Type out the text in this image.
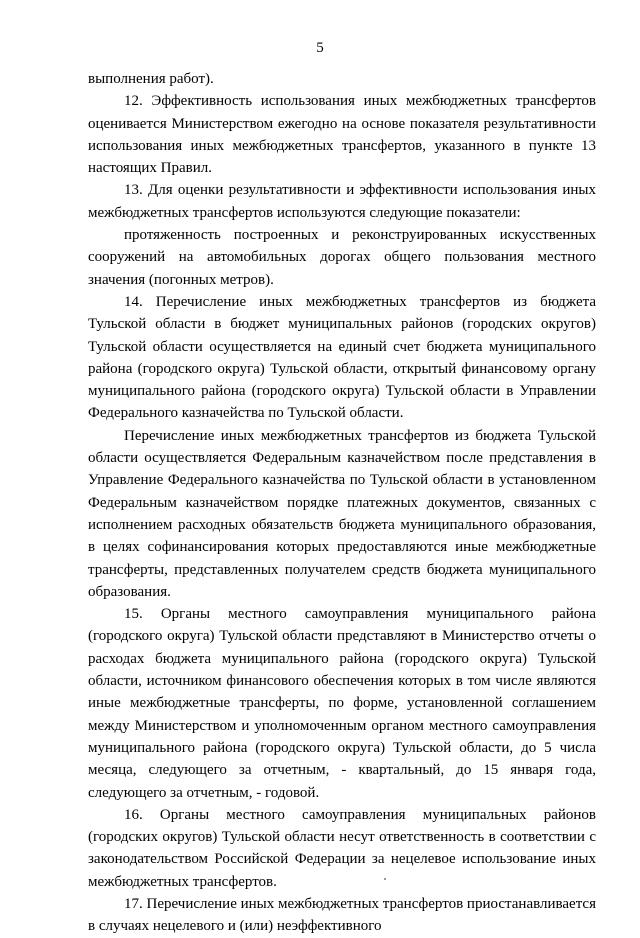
5

выполнения работ).

12. Эффективность использования иных межбюджетных трансфертов оценивается Министерством ежегодно на основе показателя результативности использования иных межбюджетных трансфертов, указанного в пункте 13 настоящих Правил.

13. Для оценки результативности и эффективности использования иных межбюджетных трансфертов используются следующие показатели:

протяженность построенных и реконструированных искусственных сооружений на автомобильных дорогах общего пользования местного значения (погонных метров).

14. Перечисление иных межбюджетных трансфертов из бюджета Тульской области в бюджет муниципальных районов (городских округов) Тульской области осуществляется на единый счет бюджета муниципального района (городского округа) Тульской области, открытый финансовому органу муниципального района (городского округа) Тульской области в Управлении Федерального казначейства по Тульской области.

Перечисление иных межбюджетных трансфертов из бюджета Тульской области осуществляется Федеральным казначейством после представления в Управление Федерального казначейства по Тульской области в установленном Федеральным казначейством порядке платежных документов, связанных с исполнением расходных обязательств бюджета муниципального образования, в целях софинансирования которых предоставляются иные межбюджетные трансферты, представленных получателем средств бюджета муниципального образования.

15. Органы местного самоуправления муниципального района (городского округа) Тульской области представляют в Министерство отчеты о расходах бюджета муниципального района (городского округа) Тульской области, источником финансового обеспечения которых в том числе являются иные межбюджетные трансферты, по форме, установленной соглашением между Министерством и уполномоченным органом местного самоуправления муниципального района (городского округа) Тульской области, до 5 числа месяца, следующего за отчетным, - квартальный, до 15 января года, следующего за отчетным, - годовой.

16. Органы местного самоуправления муниципальных районов (городских округов) Тульской области несут ответственность в соответствии с законодательством Российской Федерации за нецелевое использование иных межбюджетных трансфертов.

17. Перечисление иных межбюджетных трансфертов приостанавливается в случаях нецелевого и (или) неэффективного
